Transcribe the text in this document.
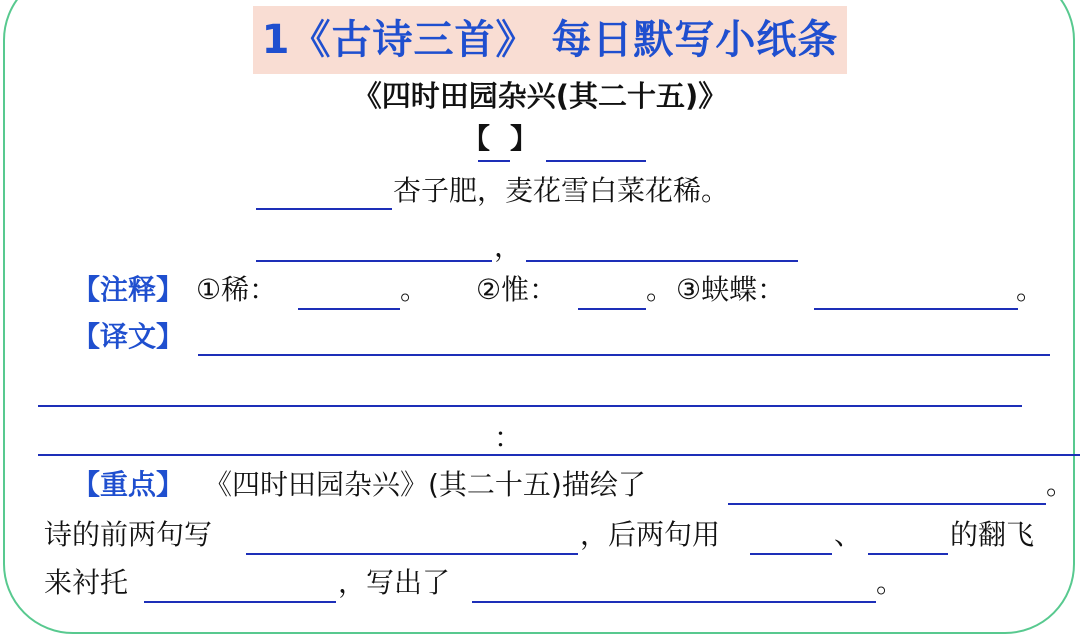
1《古诗三首》 每日默写小纸条
《四时田园杂兴(其二十五)》
【 】
杏子肥，麦花雪白菜花稀。
，
【注释】 ①稀：	。 ②惟：	。 ③蛱蝶：	。
【译文】
：
【重点】 《四时田园杂兴》(其二十五)描绘了	。
诗的前两句写	，后两句用	、	的翻飞
来衬托	，写出了	。
